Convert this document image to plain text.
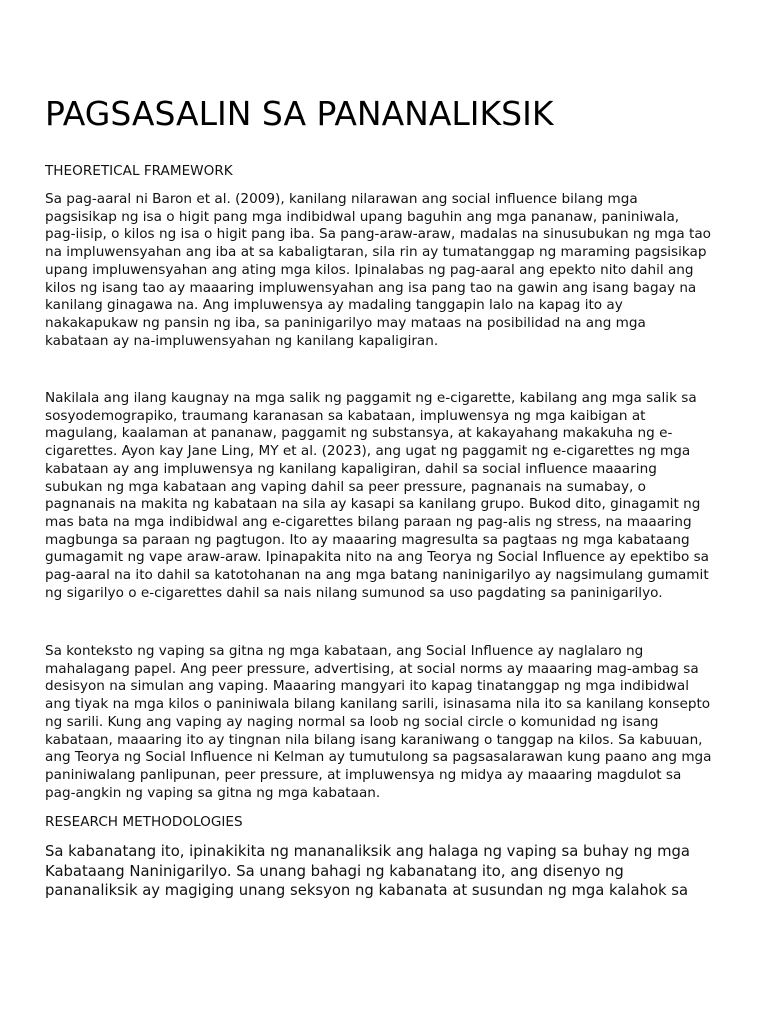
PAGSASALIN SA PANANALIKSIK

THEORETICAL FRAMEWORK

Sa pag-aaral ni Baron et al. (2009), kanilang nilarawan ang social influence bilang mga
pagsisikap ng isa o higit pang mga indibidwal upang baguhin ang mga pananaw, paniniwala,
pag-iisip, o kilos ng isa o higit pang iba. Sa pang-araw-araw, madalas na sinusubukan ng mga tao
na impluwensyahan ang iba at sa kabaligtaran, sila rin ay tumatanggap ng maraming pagsisikap
upang impluwensyahan ang ating mga kilos. Ipinalabas ng pag-aaral ang epekto nito dahil ang
kilos ng isang tao ay maaaring impluwensyahan ang isa pang tao na gawin ang isang bagay na
kanilang ginagawa na. Ang impluwensya ay madaling tanggapin lalo na kapag ito ay
nakakapukaw ng pansin ng iba, sa paninigarilyo may mataas na posibilidad na ang mga
kabataan ay na-impluwensyahan ng kanilang kapaligiran.
Nakilala ang ilang kaugnay na mga salik ng paggamit ng e-cigarette, kabilang ang mga salik sa
sosyodemograpiko, traumang karanasan sa kabataan, impluwensya ng mga kaibigan at
magulang, kaalaman at pananaw, paggamit ng substansya, at kakayahang makakuha ng e-
cigarettes. Ayon kay Jane Ling, MY et al. (2023), ang ugat ng paggamit ng e-cigarettes ng mga
kabataan ay ang impluwensya ng kanilang kapaligiran, dahil sa social influence maaaring
subukan ng mga kabataan ang vaping dahil sa peer pressure, pagnanais na sumabay, o
pagnanais na makita ng kabataan na sila ay kasapi sa kanilang grupo. Bukod dito, ginagamit ng
mas bata na mga indibidwal ang e-cigarettes bilang paraan ng pag-alis ng stress, na maaaring
magbunga sa paraan ng pagtugon. Ito ay maaaring magresulta sa pagtaas ng mga kabataang
gumagamit ng vape araw-araw. Ipinapakita nito na ang Teorya ng Social Influence ay epektibo sa
pag-aaral na ito dahil sa katotohanan na ang mga batang naninigarilyo ay nagsimulang gumamit
ng sigarilyo o e-cigarettes dahil sa nais nilang sumunod sa uso pagdating sa paninigarilyo.
Sa konteksto ng vaping sa gitna ng mga kabataan, ang Social Influence ay naglalaro ng
mahalagang papel. Ang peer pressure, advertising, at social norms ay maaaring mag-ambag sa
desisyon na simulan ang vaping. Maaaring mangyari ito kapag tinatanggap ng mga indibidwal
ang tiyak na mga kilos o paniniwala bilang kanilang sarili, isinasama nila ito sa kanilang konsepto
ng sarili. Kung ang vaping ay naging normal sa loob ng social circle o komunidad ng isang
kabataan, maaaring ito ay tingnan nila bilang isang karaniwang o tanggap na kilos. Sa kabuuan,
ang Teorya ng Social Influence ni Kelman ay tumutulong sa pagsasalarawan kung paano ang mga
paniniwalang panlipunan, peer pressure, at impluwensya ng midya ay maaaring magdulot sa
pag-angkin ng vaping sa gitna ng mga kabataan.

RESEARCH METHODOLOGIES

Sa kabanatang ito, ipinakikita ng mananaliksik ang halaga ng vaping sa buhay ng mga
Kabataang Naninigarilyo. Sa unang bahagi ng kabanatang ito, ang disenyo ng
pananaliksik ay magiging unang seksyon ng kabanata at susundan ng mga kalahok sa
